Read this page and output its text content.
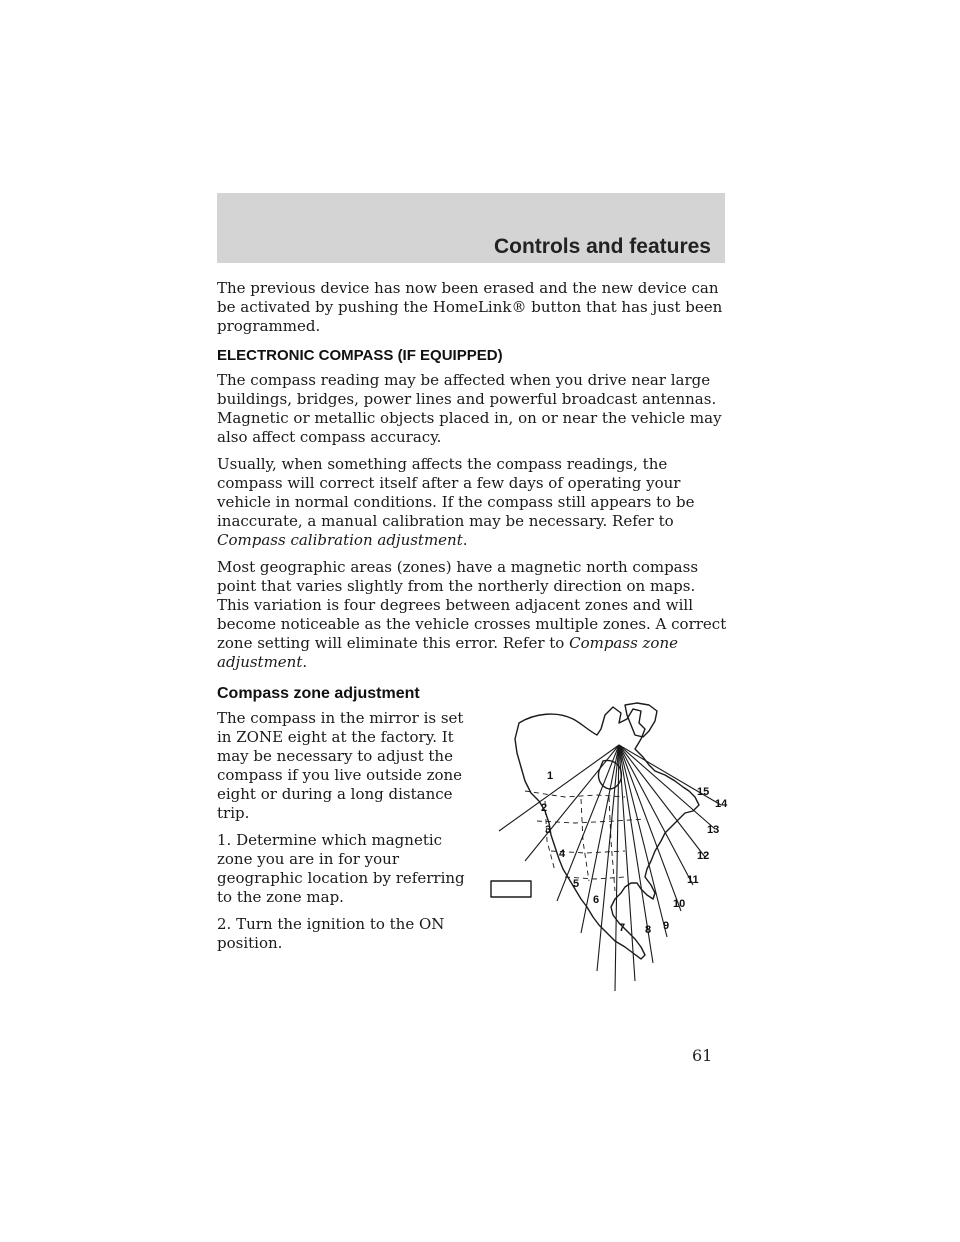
Controls and features

The previous device has now been erased and the new device can be activated by pushing the HomeLink® button that has just been programmed.

ELECTRONIC COMPASS (IF EQUIPPED)

The compass reading may be affected when you drive near large buildings, bridges, power lines and powerful broadcast antennas. Magnetic or metallic objects placed in, on or near the vehicle may also affect compass accuracy.

Usually, when something affects the compass readings, the compass will correct itself after a few days of operating your vehicle in normal conditions. If the compass still appears to be inaccurate, a manual calibration may be necessary. Refer to Compass calibration adjustment.

Most geographic areas (zones) have a magnetic north compass point that varies slightly from the northerly direction on maps. This variation is four degrees between adjacent zones and will become noticeable as the vehicle crosses multiple zones. A correct zone setting will eliminate this error. Refer to Compass zone adjustment.

Compass zone adjustment

The compass in the mirror is set in ZONE eight at the factory. It may be necessary to adjust the compass if you live outside zone eight or during a long distance trip.

1. Determine which magnetic zone you are in for your geographic location by referring to the zone map.

2. Turn the ignition to the ON position.

1
2
3
4
5
6
7 8 9
10
11
12
13
14
15
61
